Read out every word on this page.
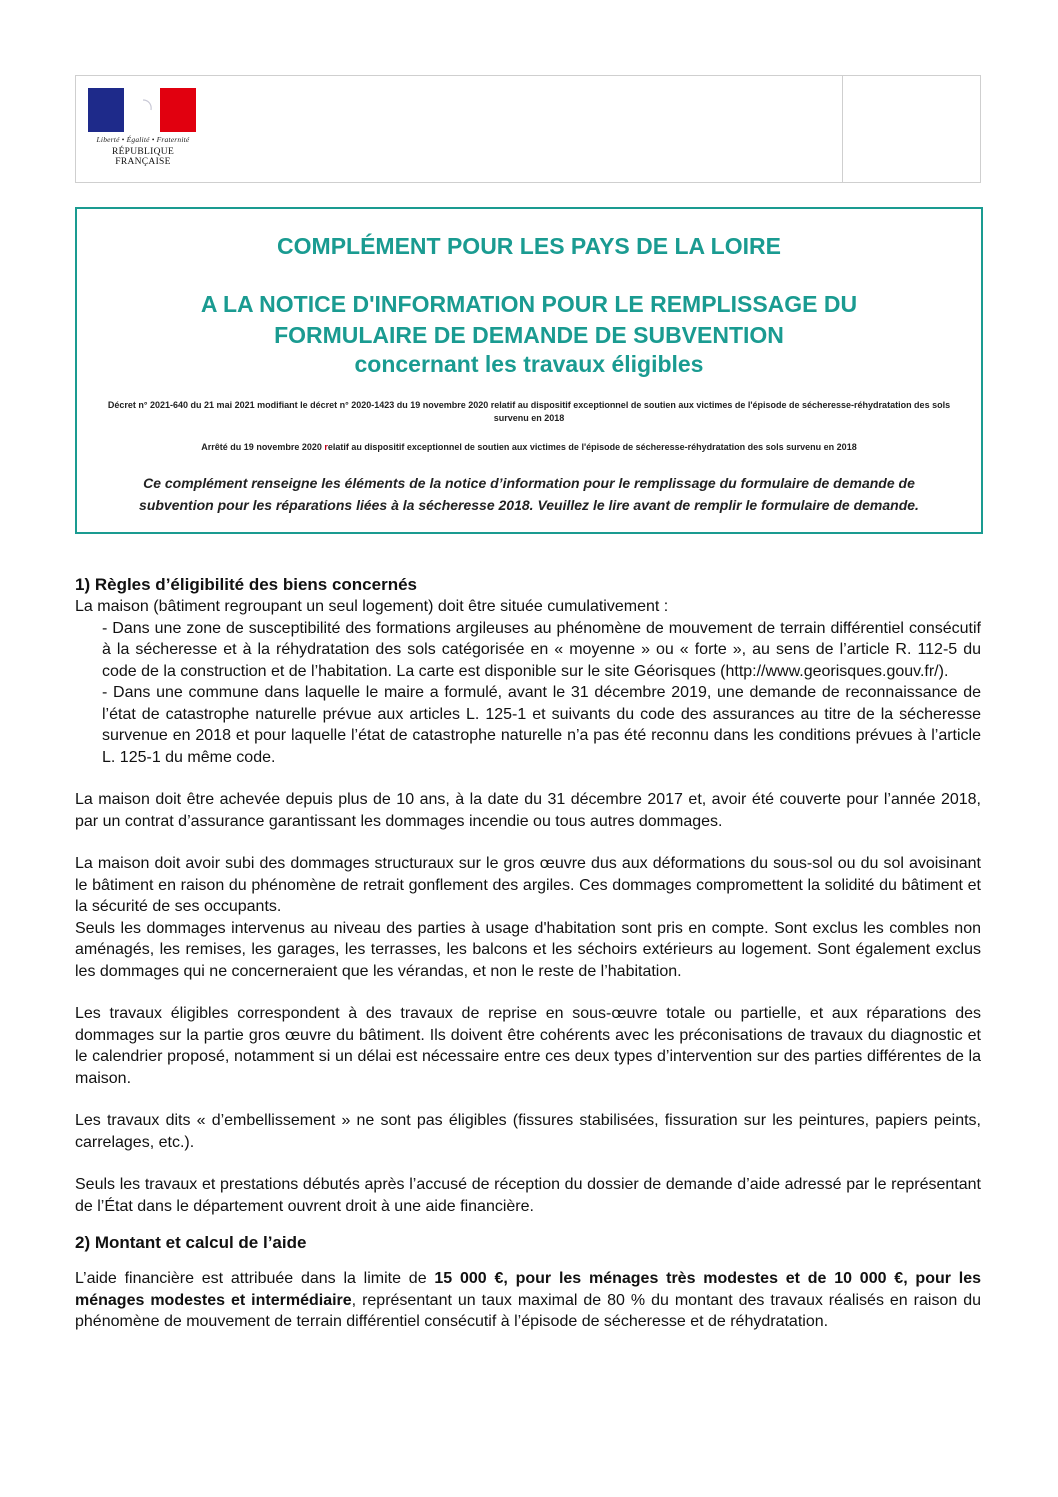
Liberté • Égalité • Fraternité
RÉPUBLIQUE FRANÇAISE
COMPLÉMENT POUR LES PAYS DE LA LOIRE
A LA NOTICE D'INFORMATION POUR LE REMPLISSAGE DU
FORMULAIRE DE DEMANDE DE SUBVENTION
concernant les travaux éligibles
Décret n° 2021-640 du 21 mai 2021 modifiant le décret n° 2020-1423 du 19 novembre 2020 relatif au dispositif exceptionnel de soutien aux victimes de l'épisode de sécheresse-réhydratation des sols survenu en 2018
Arrêté du 19 novembre 2020 relatif au dispositif exceptionnel de soutien aux victimes de l'épisode de sécheresse-réhydratation des sols survenu en 2018
Ce complément renseigne les éléments de la notice d’information pour le remplissage du formulaire de demande de subvention pour les réparations liées à la sécheresse 2018. Veuillez le lire avant de remplir le formulaire de demande.
1) Règles d’éligibilité des biens concernés

La maison (bâtiment regroupant un seul logement) doit être située cumulativement :

- Dans une zone de susceptibilité des formations argileuses au phénomène de mouvement de terrain différentiel consécutif à la sécheresse et à la réhydratation des sols catégorisée en « moyenne » ou « forte », au sens de l’article R. 112-5 du code de la construction et de l’habitation. La carte est disponible sur le site Géorisques (http://www.georisques.gouv.fr/).

- Dans une commune dans laquelle le maire a formulé, avant le 31 décembre 2019, une demande de reconnaissance de l’état de catastrophe naturelle prévue aux articles L. 125-1 et suivants du code des assurances au titre de la sécheresse survenue en 2018 et pour laquelle l’état de catastrophe naturelle n’a pas été reconnu dans les conditions prévues à l’article L. 125-1 du même code.

La maison doit être achevée depuis plus de 10 ans, à la date du 31 décembre 2017 et, avoir été couverte pour l’année 2018, par un contrat d’assurance garantissant les dommages incendie ou tous autres dommages.

La maison doit avoir subi des dommages structuraux sur le gros œuvre dus aux déformations du sous-sol ou du sol avoisinant le bâtiment en raison du phénomène de retrait gonflement des argiles. Ces dommages compromettent la solidité du bâtiment et la sécurité de ses occupants.

Seuls les dommages intervenus au niveau des parties à usage d'habitation sont pris en compte. Sont exclus les combles non aménagés, les remises, les garages, les terrasses, les balcons et les séchoirs extérieurs au logement. Sont également exclus les dommages qui ne concerneraient que les vérandas, et non le reste de l’habitation.

Les travaux éligibles correspondent à des travaux de reprise en sous-œuvre totale ou partielle, et aux réparations des dommages sur la partie gros œuvre du bâtiment. Ils doivent être cohérents avec les préconisations de travaux du diagnostic et le calendrier proposé, notamment si un délai est nécessaire entre ces deux types d’intervention sur des parties différentes de la maison.

Les travaux dits « d’embellissement » ne sont pas éligibles (fissures stabilisées, fissuration sur les peintures, papiers peints, carrelages, etc.).

Seuls les travaux et prestations débutés après l’accusé de réception du dossier de demande d’aide adressé par le représentant de l’État dans le département ouvrent droit à une aide financière.

2) Montant et calcul de l’aide

L’aide financière est attribuée dans la limite de 15 000 €, pour les ménages très modestes et de 10 000 €, pour les ménages modestes et intermédiaire, représentant un taux maximal de 80 % du montant des travaux réalisés en raison du phénomène de mouvement de terrain différentiel consécutif à l’épisode de sécheresse et de réhydratation.
